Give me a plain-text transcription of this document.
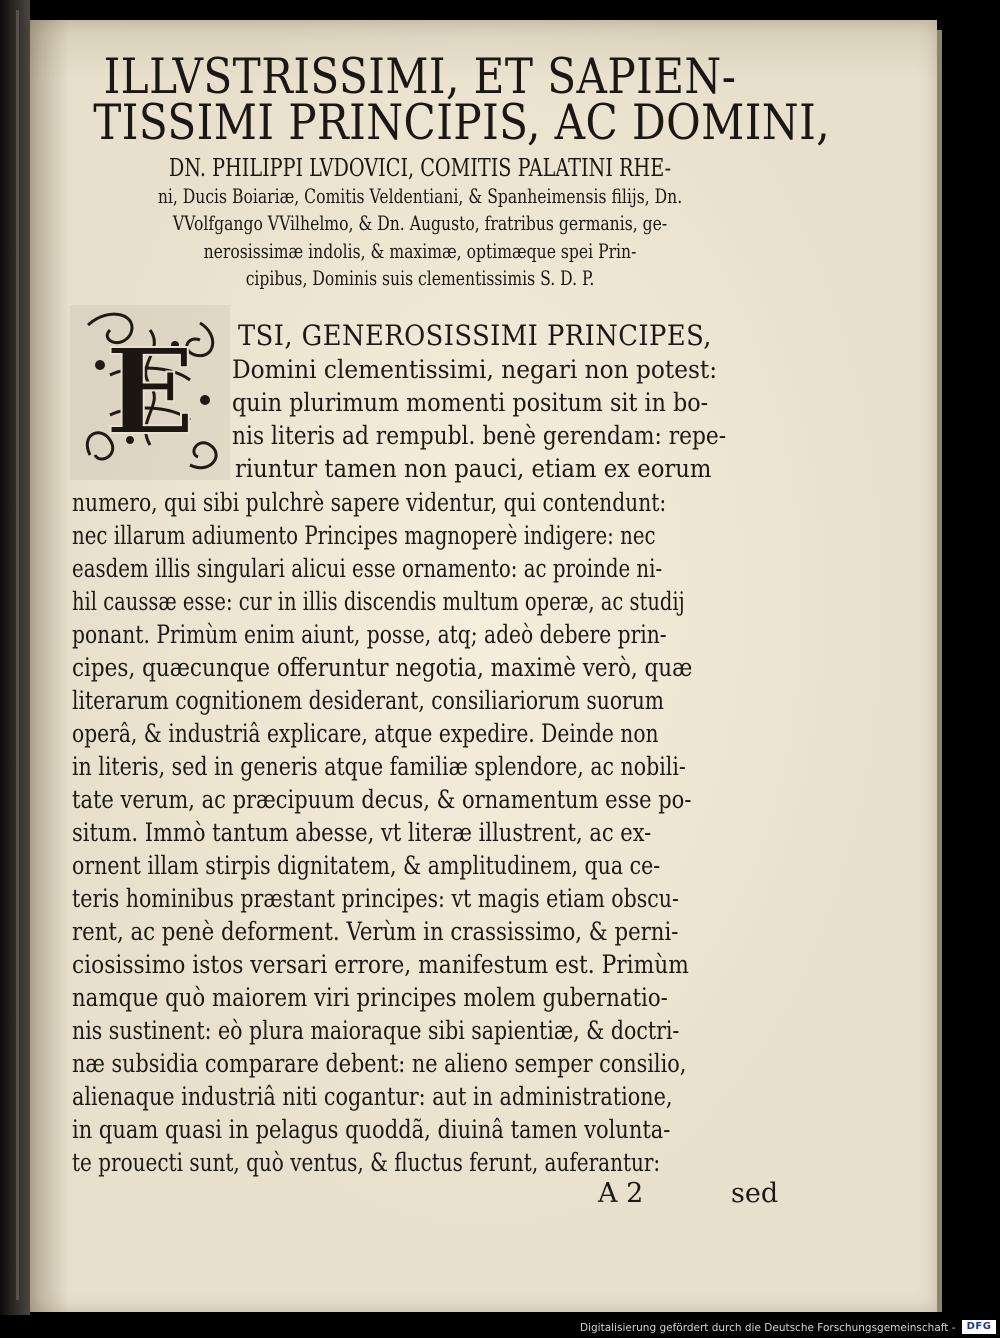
ILLVSTRISSIMI, ET SAPIEN-
TISSIMI PRINCIPIS, AC DOMINI,
DN. PHILIPPI LVDOVICI, COMITIS PALATINI RHE-
ni, Ducis Boiariæ, Comitis Veldentiani, & Spanheimensis filijs, Dn.
VVolfgango VVilhelmo, & Dn. Augusto, fratribus germanis, ge-
nerosissimæ indolis, & maximæ, optimæque spei Prin-
cipibus, Dominis suis clementissimis S. D. P.
E TSI, GENEROSISSIMI PRINCIPES,
Domini clementissimi, negari non potest:
quin plurimum momenti positum sit in bo-
nis literis ad rempubl. benè gerendam: repe-
riuntur tamen non pauci, etiam ex eorum
numero, qui sibi pulchrè sapere videntur, qui contendunt:
nec illarum adiumento Principes magnoperè indigere: nec
easdem illis singulari alicui esse ornamento: ac proinde ni-
hil caussæ esse: cur in illis discendis multum operæ, ac studij
ponant. Primùm enim aiunt, posse, atq; adeò debere prin-
cipes, quæcunque offeruntur negotia, maximè verò, quæ
literarum cognitionem desiderant, consiliariorum suorum
operâ, & industriâ explicare, atque expedire. Deinde non
in literis, sed in generis atque familiæ splendore, ac nobili-
tate verum, ac præcipuum decus, & ornamentum esse po-
situm. Immò tantum abesse, vt literæ illustrent, ac ex-
ornent illam stirpis dignitatem, & amplitudinem, qua ce-
teris hominibus præstant principes: vt magis etiam obscu-
rent, ac penè deforment. Verùm in crassissimo, & perni-
ciosissimo istos versari errore, manifestum est. Primùm
namque quò maiorem viri principes molem gubernatio-
nis sustinent: eò plura maioraque sibi sapientiæ, & doctri-
næ subsidia comparare debent: ne alieno semper consilio,
alienaque industriâ niti cogantur: aut in administratione,
in quam quasi in pelagus quoddã, diuinâ tamen volunta-
te prouecti sunt, quò ventus, & fluctus ferunt, auferantur:
A 2	sed
Digitalisierung gefördert durch die Deutsche Forschungsgemeinschaft -	DFG
